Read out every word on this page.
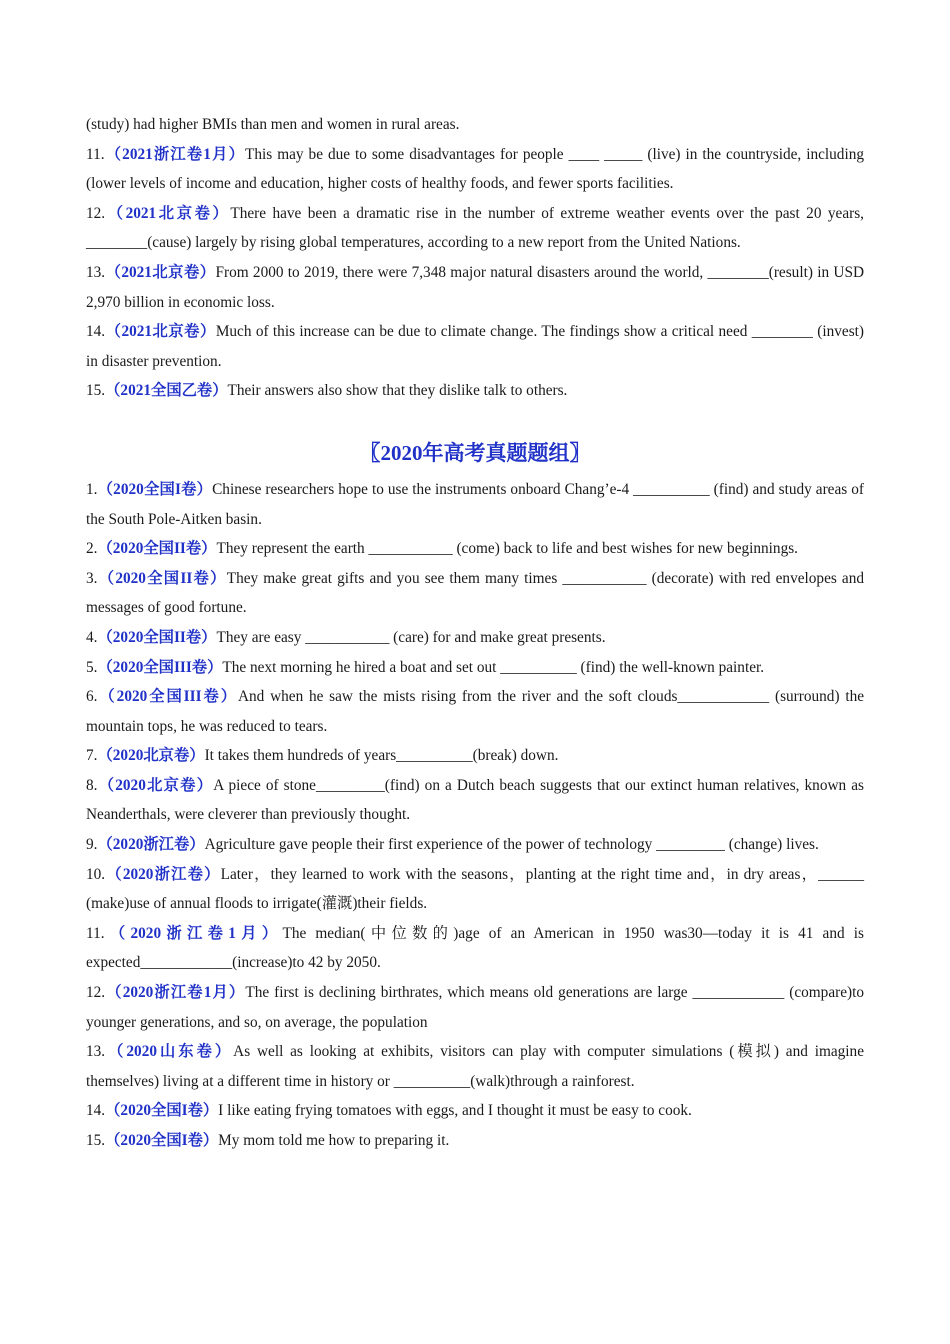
(study) had higher BMIs than men and women in rural areas.

11.（2021浙江卷1月）This may be due to some disadvantages for people ____ _____ (live) in the countryside, including (lower levels of income and education, higher costs of healthy foods, and fewer sports facilities.

12.（2021北京卷）There have been a dramatic rise in the number of extreme weather events over the past 20 years, ________(cause) largely by rising global temperatures, according to a new report from the United Nations.

13.（2021北京卷）From 2000 to 2019, there were 7,348 major natural disasters around the world, ________(result) in USD 2,970 billion in economic loss.

14.（2021北京卷）Much of this increase can be due to climate change. The findings show a critical need ________ (invest) in disaster prevention.

15.（2021全国乙卷）Their answers also show that they dislike talk to others.

〖2020年高考真题题组〗

1.（2020全国I卷）Chinese researchers hope to use the instruments onboard Chang’e-4 __________ (find) and study areas of the South Pole-Aitken basin.

2.（2020全国II卷）They represent the earth ___________ (come) back to life and best wishes for new beginnings.

3.（2020全国II卷）They make great gifts and you see them many times ___________ (decorate) with red envelopes and messages of good fortune.

4.（2020全国II卷）They are easy ___________ (care) for and make great presents.

5.（2020全国III卷）The next morning he hired a boat and set out __________ (find) the well-known painter.

6.（2020全国III卷）And when he saw the mists rising from the river and the soft clouds____________ (surround) the mountain tops, he was reduced to tears.

7.（2020北京卷）It takes them hundreds of years__________(break) down.

8.（2020北京卷）A piece of stone_________(find) on a Dutch beach suggests that our extinct human relatives, known as Neanderthals, were cleverer than previously thought.

9.（2020浙江卷）Agriculture gave people their first experience of the power of technology _________ (change) lives.

10.（2020浙江卷）Later，they learned to work with the seasons，planting at the right time and，in dry areas，______ (make)use of annual floods to irrigate(灌溉)their fields.

11.（2020浙江卷1月）The median(中位数的)age of an American in 1950 was30—today it is 41 and is expected____________(increase)to 42 by 2050.

12.（2020浙江卷1月）The first is declining birthrates, which means old generations are large ____________ (compare)to younger generations, and so, on average, the population

13.（2020山东卷）As well as looking at exhibits, visitors can play with computer simulations (模拟) and imagine themselves) living at a different time in history or __________(walk)through a rainforest.

14.（2020全国I卷）I like eating frying tomatoes with eggs, and I thought it must be easy to cook.

15.（2020全国I卷）My mom told me how to preparing it.
